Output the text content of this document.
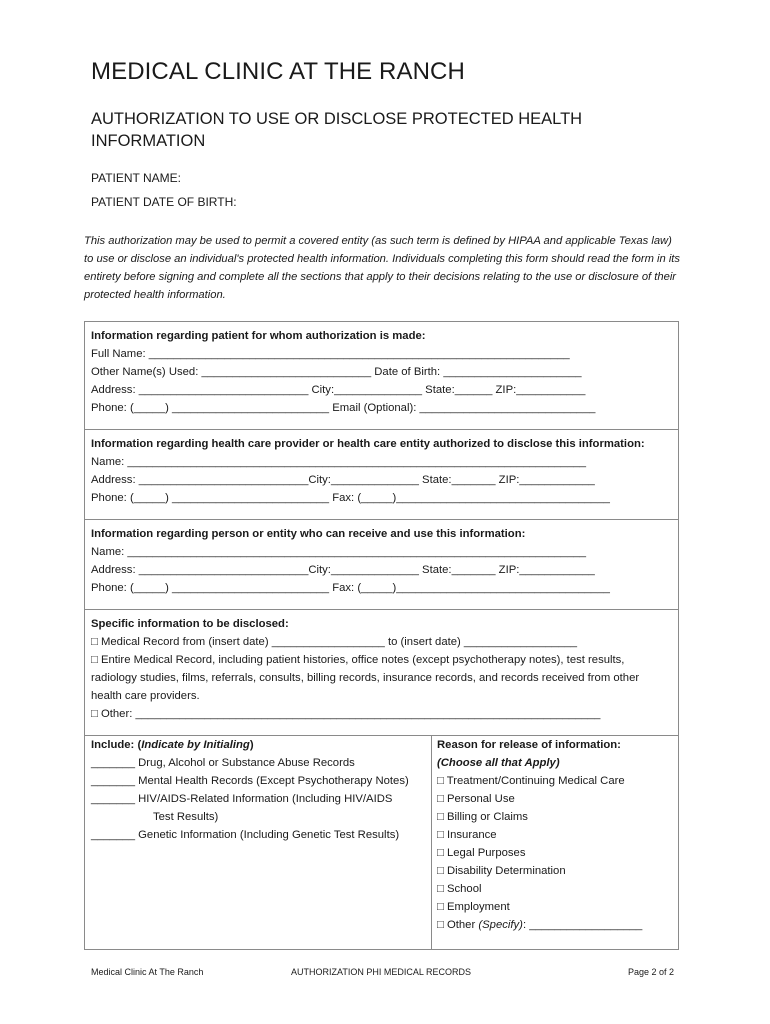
MEDICAL CLINIC AT THE RANCH
AUTHORIZATION TO USE OR DISCLOSE PROTECTED HEALTH INFORMATION
PATIENT NAME:
PATIENT DATE OF BIRTH:
This authorization may be used to permit a covered entity (as such term is defined by HIPAA and applicable Texas law) to use or disclose an individual's protected health information. Individuals completing this form should read the form in its entirety before signing and complete all the sections that apply to their decisions relating to the use or disclosure of their protected health information.
Information regarding patient for whom authorization is made:
Full Name: ___________________________________________________________________
Other Name(s) Used: ___________________________ Date of Birth: ______________________
Address: ___________________________ City:______________ State:______ ZIP:___________
Phone: (_____) _________________________ Email (Optional): ____________________________
Information regarding health care provider or health care entity authorized to disclose this information:
Name: _________________________________________________________________________
Address: ___________________________City:______________ State:_______ ZIP:____________
Phone: (_____) _________________________ Fax: (_____)__________________________________
Information regarding person or entity who can receive and use this information:
Name: _________________________________________________________________________
Address: ___________________________City:______________ State:_______ ZIP:____________
Phone: (_____) _________________________ Fax: (_____)__________________________________
Specific information to be disclosed:
□ Medical Record from (insert date) __________________ to (insert date) __________________
□ Entire Medical Record, including patient histories, office notes (except psychotherapy notes), test results, radiology studies, films, referrals, consults, billing records, insurance records, and records received from other health care providers.
□ Other: __________________________________________________________________________
Include: (Indicate by Initialing)
_______ Drug, Alcohol or Substance Abuse Records
_______ Mental Health Records (Except Psychotherapy Notes)
_______ HIV/AIDS-Related Information (Including HIV/AIDS
Test Results)
_______ Genetic Information (Including Genetic Test Results)
Reason for release of information:
(Choose all that Apply)
□ Treatment/Continuing Medical Care
□ Personal Use
□ Billing or Claims
□ Insurance
□ Legal Purposes
□ Disability Determination
□ School
□ Employment
□ Other (Specify): __________________
Medical Clinic At The Ranch	AUTHORIZATION PHI MEDICAL RECORDS	Page 2 of 2
